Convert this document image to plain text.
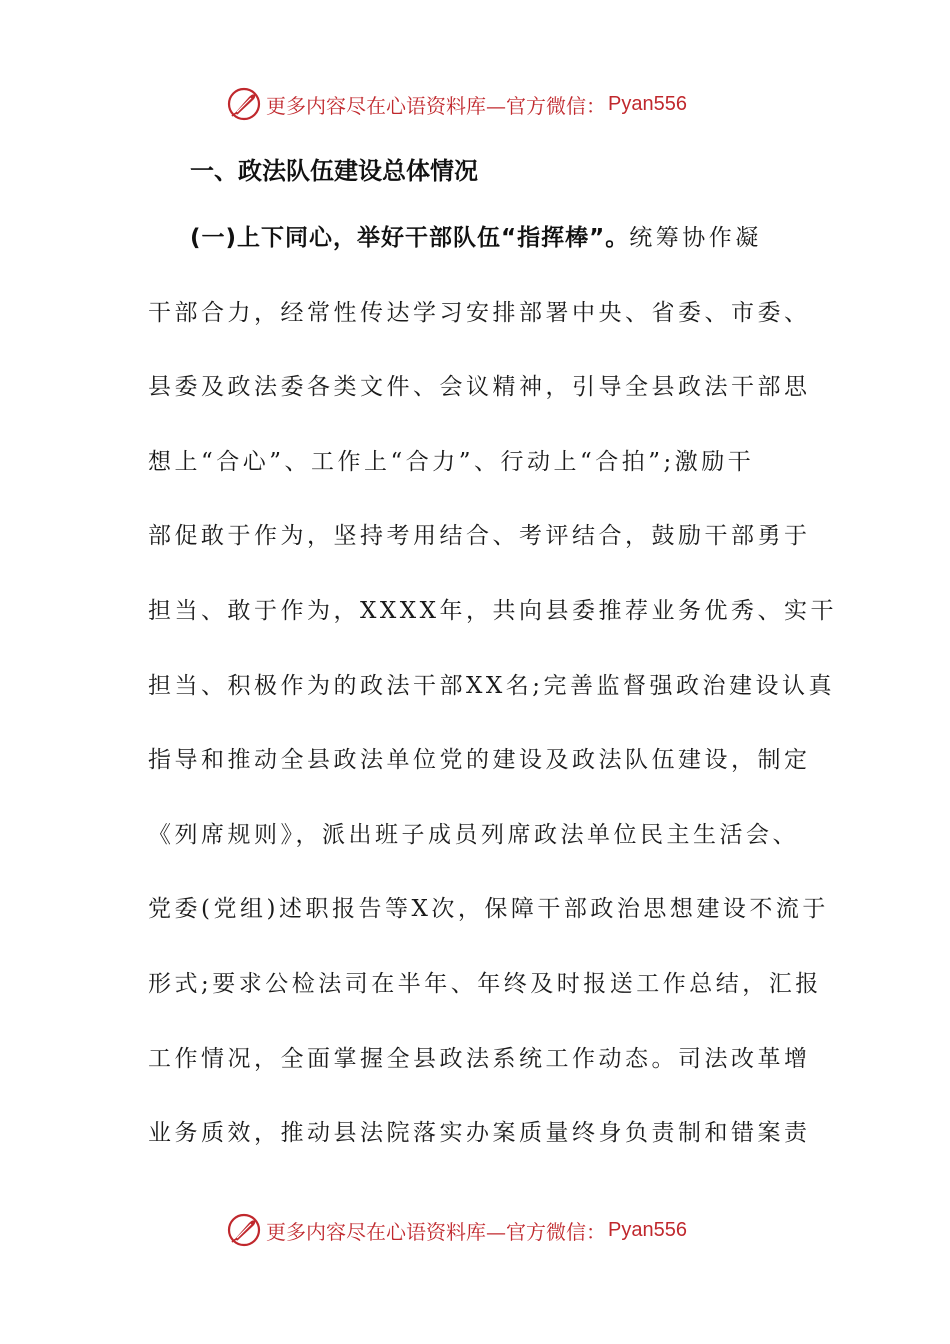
更多内容尽在心语资料库—官方微信： Pyan556
一、政法队伍建设总体情况
(一)上下同心，举好干部队伍“指挥棒”。统筹协作凝
干部合力，经常性传达学习安排部署中央、省委、市委、
县委及政法委各类文件、会议精神，引导全县政法干部思
想上“合心”、工作上“合力”、行动上“合拍”;激励干
部促敢于作为，坚持考用结合、考评结合，鼓励干部勇于
担当、敢于作为，XXXX年，共向县委推荐业务优秀、实干
担当、积极作为的政法干部XX名;完善监督强政治建设认真
指导和推动全县政法单位党的建设及政法队伍建设，制定
《列席规则》，派出班子成员列席政法单位民主生活会、
党委(党组)述职报告等X次，保障干部政治思想建设不流于
形式;要求公检法司在半年、年终及时报送工作总结，汇报
工作情况，全面掌握全县政法系统工作动态。司法改革增
业务质效，推动县法院落实办案质量终身负责制和错案责
更多内容尽在心语资料库—官方微信： Pyan556
